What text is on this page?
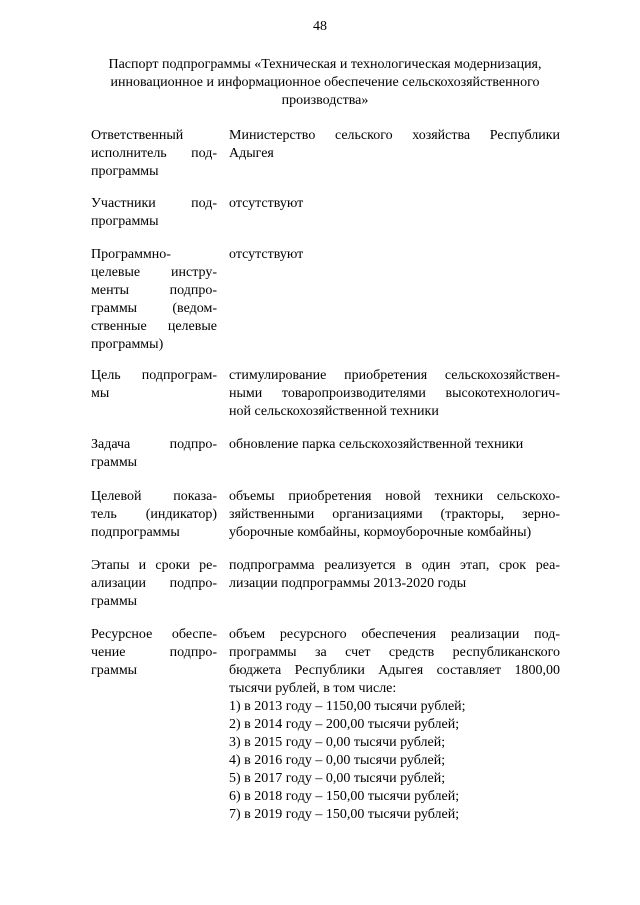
48
Паспорт подпрограммы «Техническая и технологическая модернизация,
инновационное и информационное обеспечение сельскохозяйственного
производства»
Ответственный
исполнитель под-
программы
Министерство сельского хозяйства Республики
Адыгея
Участники под-
программы
отсутствуют
Программно-
целевые инстру-
менты подпро-
граммы (ведом-
ственные целевые
программы)
отсутствуют
Цель подпрограм-
мы
стимулирование приобретения сельскохозяйствен-
ными товаропроизводителями высокотехнологич-
ной сельскохозяйственной техники
Задача подпро-
граммы
обновление парка сельскохозяйственной техники
Целевой показа-
тель (индикатор)
подпрограммы
объемы приобретения новой техники сельскохо-
зяйственными организациями (тракторы, зерно-
уборочные комбайны, кормоуборочные комбайны)
Этапы и сроки ре-
ализации подпро-
граммы
подпрограмма реализуется в один этап, срок реа-
лизации подпрограммы 2013-2020 годы
Ресурсное обеспе-
чение подпро-
граммы
объем ресурсного обеспечения реализации под-
программы за счет средств республиканского
бюджета Республики Адыгея составляет 1800,00
тысячи рублей, в том числе:
1) в 2013 году – 1150,00 тысячи рублей;
2) в 2014 году – 200,00 тысячи рублей;
3) в 2015 году – 0,00 тысячи рублей;
4) в 2016 году – 0,00 тысячи рублей;
5) в 2017 году – 0,00 тысячи рублей;
6) в 2018 году – 150,00 тысячи рублей;
7) в 2019 году – 150,00 тысячи рублей;
